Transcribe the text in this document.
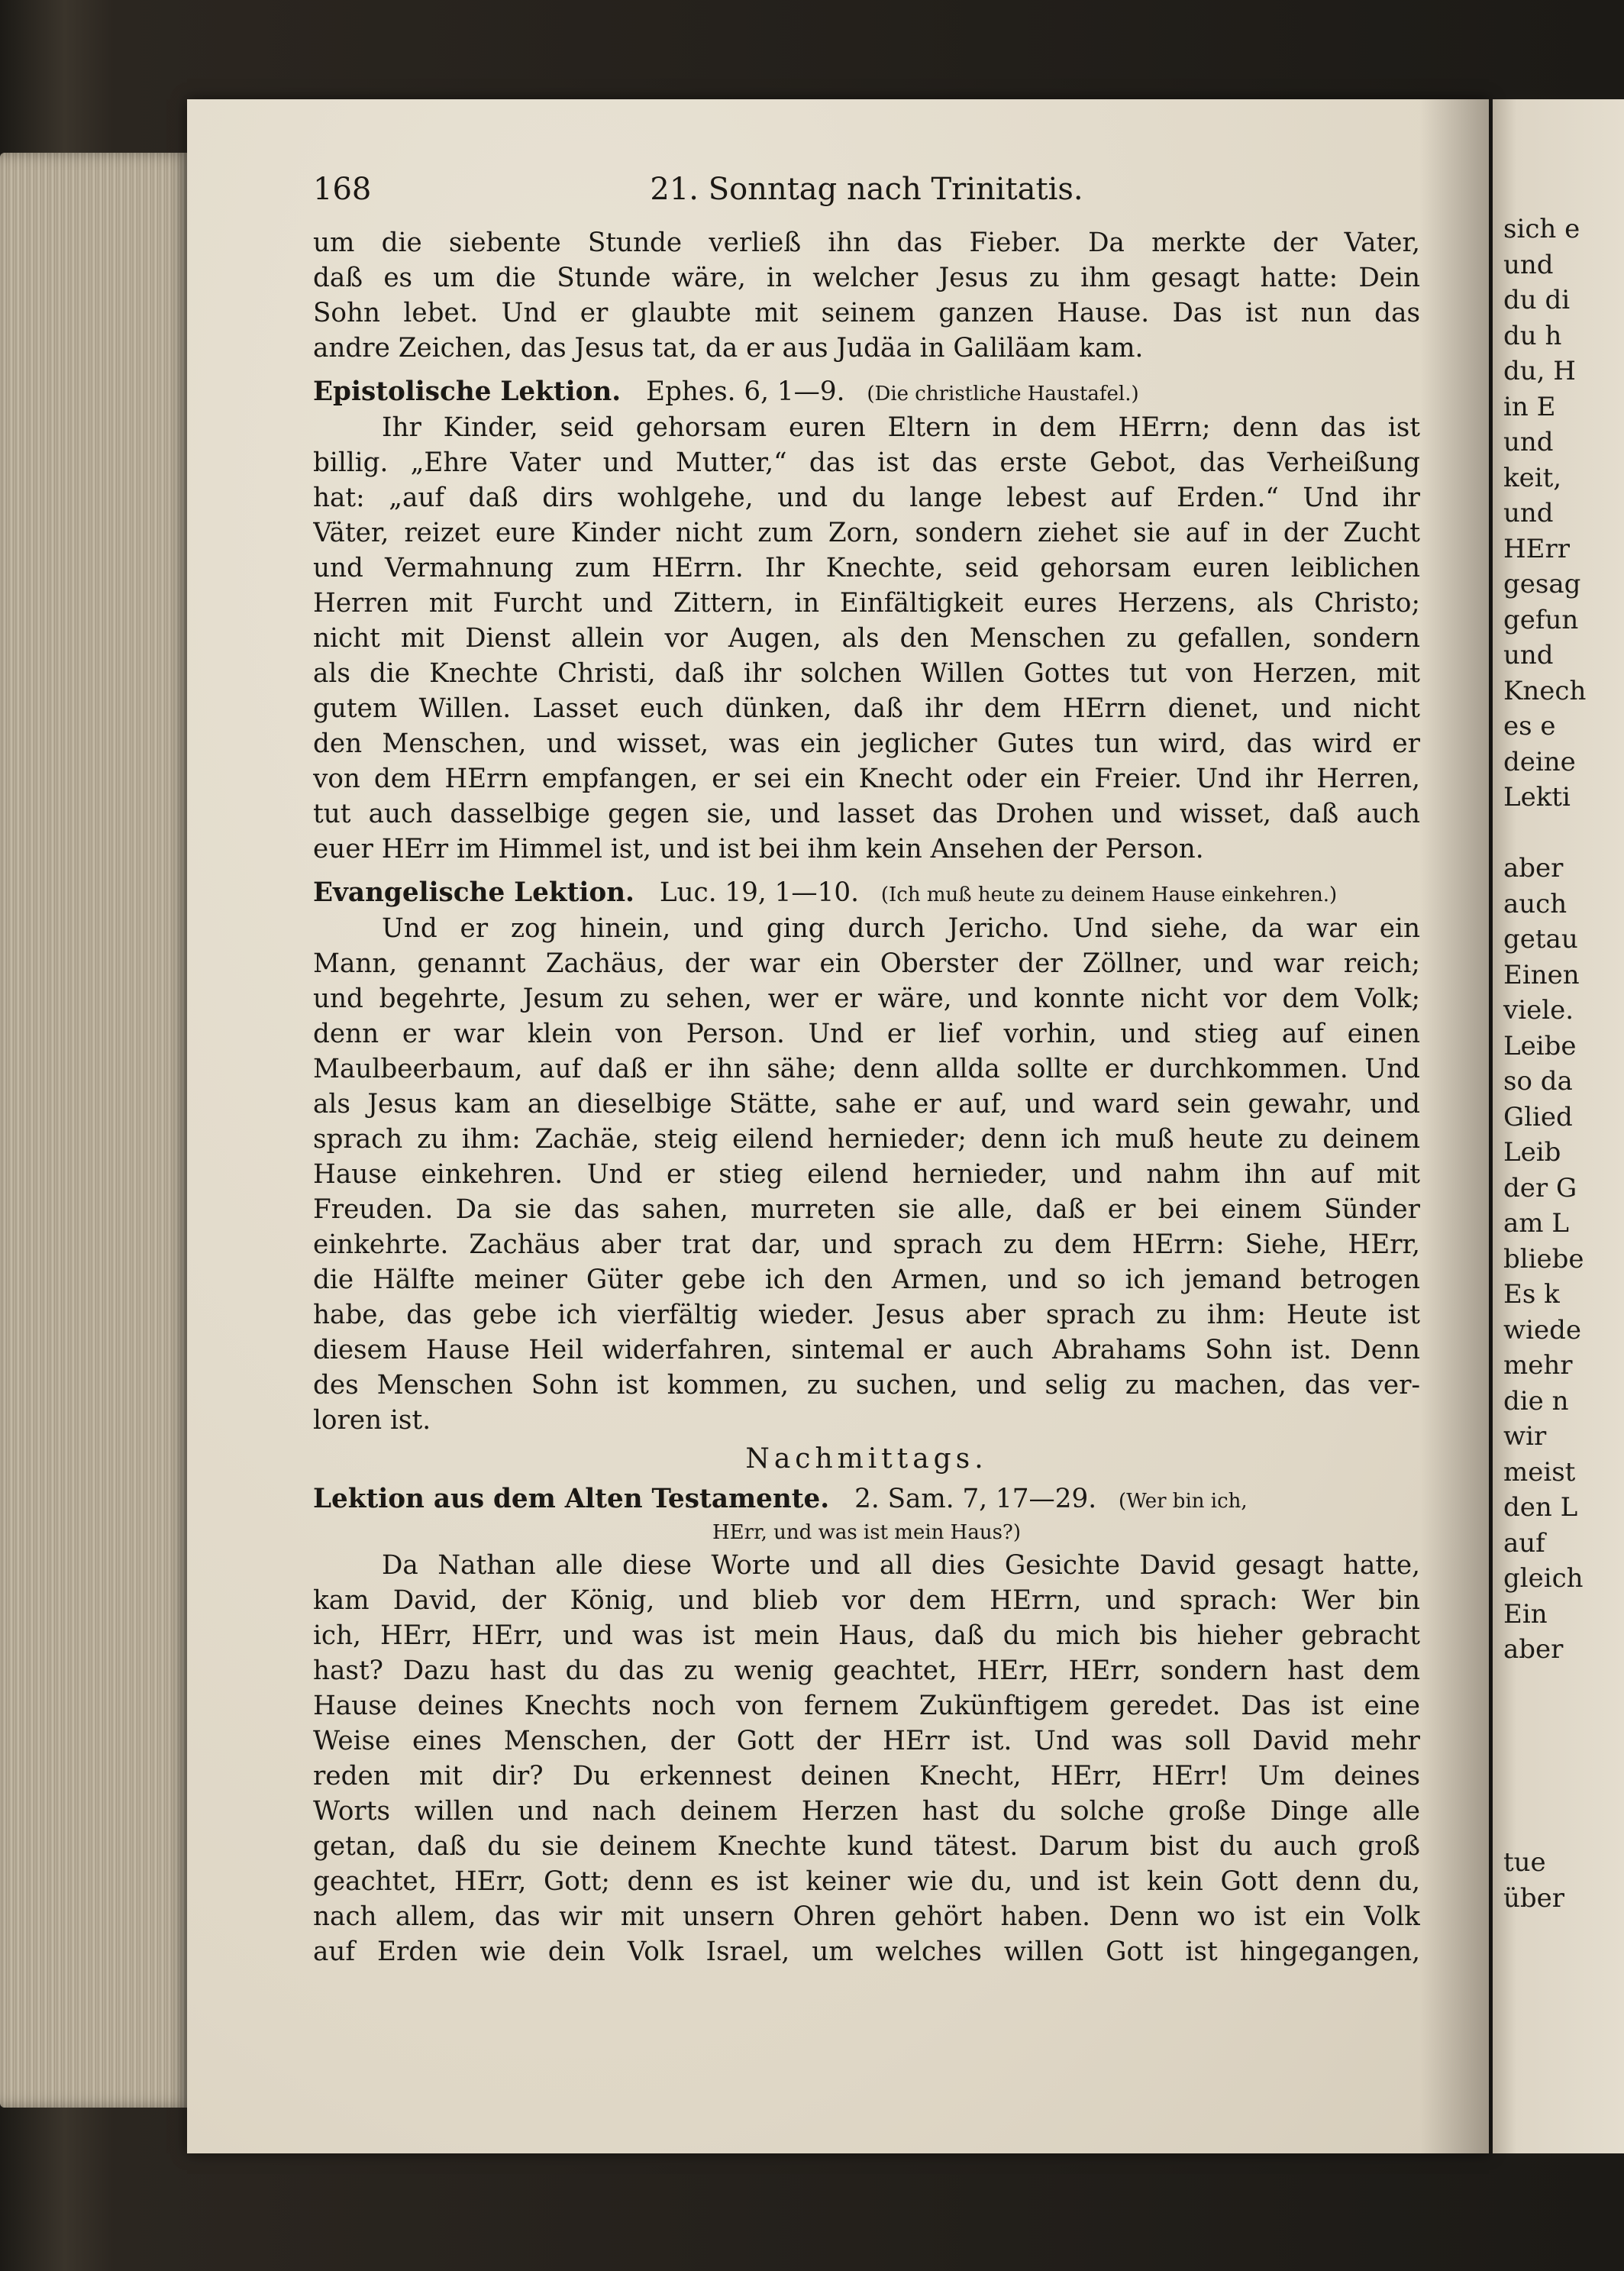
168	21. Sonntag nach Trinitatis.
um die siebente Stunde verließ ihn das Fieber. Da merkte der Vater,
daß es um die Stunde wäre, in welcher Jesus zu ihm gesagt hatte: Dein
Sohn lebet. Und er glaubte mit seinem ganzen Hause. Das ist nun das
andre Zeichen, das Jesus tat, da er aus Judäa in Galiläam kam.
Epistolische Lektion. Ephes. 6, 1—9. (Die christliche Haustafel.)
Ihr Kinder, seid gehorsam euren Eltern in dem HErrn; denn das ist
billig. „Ehre Vater und Mutter,“ das ist das erste Gebot, das Verheißung
hat: „auf daß dirs wohlgehe, und du lange lebest auf Erden.“ Und ihr
Väter, reizet eure Kinder nicht zum Zorn, sondern ziehet sie auf in der Zucht
und Vermahnung zum HErrn. Ihr Knechte, seid gehorsam euren leiblichen
Herren mit Furcht und Zittern, in Einfältigkeit eures Herzens, als Christo;
nicht mit Dienst allein vor Augen, als den Menschen zu gefallen, sondern
als die Knechte Christi, daß ihr solchen Willen Gottes tut von Herzen, mit
gutem Willen. Lasset euch dünken, daß ihr dem HErrn dienet, und nicht
den Menschen, und wisset, was ein jeglicher Gutes tun wird, das wird er
von dem HErrn empfangen, er sei ein Knecht oder ein Freier. Und ihr Herren,
tut auch dasselbige gegen sie, und lasset das Drohen und wisset, daß auch
euer HErr im Himmel ist, und ist bei ihm kein Ansehen der Person.
Evangelische Lektion. Luc. 19, 1—10. (Ich muß heute zu deinem Hause einkehren.)
Und er zog hinein, und ging durch Jericho. Und siehe, da war ein
Mann, genannt Zachäus, der war ein Oberster der Zöllner, und war reich;
und begehrte, Jesum zu sehen, wer er wäre, und konnte nicht vor dem Volk;
denn er war klein von Person. Und er lief vorhin, und stieg auf einen
Maulbeerbaum, auf daß er ihn sähe; denn allda sollte er durchkommen. Und
als Jesus kam an dieselbige Stätte, sahe er auf, und ward sein gewahr, und
sprach zu ihm: Zachäe, steig eilend hernieder; denn ich muß heute zu deinem
Hause einkehren. Und er stieg eilend hernieder, und nahm ihn auf mit
Freuden. Da sie das sahen, murreten sie alle, daß er bei einem Sünder
einkehrte. Zachäus aber trat dar, und sprach zu dem HErrn: Siehe, HErr,
die Hälfte meiner Güter gebe ich den Armen, und so ich jemand betrogen
habe, das gebe ich vierfältig wieder. Jesus aber sprach zu ihm: Heute ist
diesem Hause Heil widerfahren, sintemal er auch Abrahams Sohn ist. Denn
des Menschen Sohn ist kommen, zu suchen, und selig zu machen, das ver-
loren ist.
Nachmittags.
Lektion aus dem Alten Testamente. 2. Sam. 7, 17—29. (Wer bin ich,
HErr, und was ist mein Haus?)
Da Nathan alle diese Worte und all dies Gesichte David gesagt hatte,
kam David, der König, und blieb vor dem HErrn, und sprach: Wer bin
ich, HErr, HErr, und was ist mein Haus, daß du mich bis hieher gebracht
hast? Dazu hast du das zu wenig geachtet, HErr, HErr, sondern hast dem
Hause deines Knechts noch von fernem Zukünftigem geredet. Das ist eine
Weise eines Menschen, der Gott der HErr ist. Und was soll David mehr
reden mit dir? Du erkennest deinen Knecht, HErr, HErr! Um deines
Worts willen und nach deinem Herzen hast du solche große Dinge alle
getan, daß du sie deinem Knechte kund tätest. Darum bist du auch groß
geachtet, HErr, Gott; denn es ist keiner wie du, und ist kein Gott denn du,
nach allem, das wir mit unsern Ohren gehört haben. Denn wo ist ein Volk
auf Erden wie dein Volk Israel, um welches willen Gott ist hingegangen,
sich e
und
du di
du h
du, H
in E
und
keit,
und
HErr
gesag
gefun
und
Knech
es e
deine
Lekti
aber
auch
getau
Einen
viele.
Leibe
so da
Glied
Leib
der G
am L
bliebe
Es k
wiede
mehr
die n
wir
meist
den L
auf
gleich
Ein
aber
tue
über
